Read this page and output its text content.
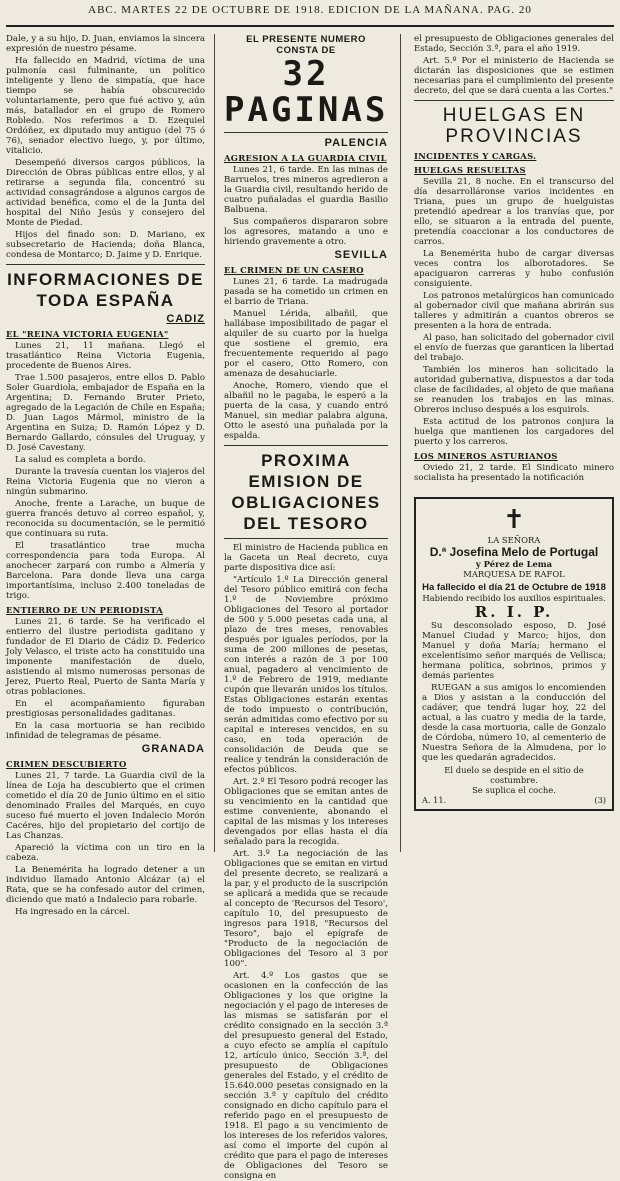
ABC. MARTES 22 DE OCTUBRE DE 1918. EDICION DE LA MAÑANA. PAG. 20

Dale, y a su hijo, D. Juan, enviamos la sincera expresión de nuestro pésame.

Ha fallecido en Madrid, víctima de una pulmonía casi fulminante, un político inteligente y lleno de simpatía, que hace tiempo se había obscurecido voluntariamente, pero que fué activo y, aún más, batallador en el grupo de Romero Robledo. Nos referimos a D. Ezequiel Ordóñez, ex diputado muy antiguo (del 75 ó 76), senador electivo luego, y, por último, vitalicio.

Desempeñó diversos cargos públicos, la Dirección de Obras públicas entre ellos, y al retirarse a segunda fila, concentró su actividad consagrándose a algunos cargos de actividad benéfica, como el de la Junta del hospital del Niño Jesús y consejero del Monte de Piedad.

Hijos del finado son: D. Mariano, ex subsecretario de Hacienda; doña Blanca, condesa de Montarco; D. Jaime y D. Enrique.

INFORMACIONES DE TODA ESPAÑA
CADIZ
EL "REINA VICTORIA EUGENIA"

Lunes 21, 11 mañana. Llegó el trasatlántico Reina Victoria Eugenia, procedente de Buenos Aires.

Trae 1.500 pasajeros, entre ellos D. Pablo Soler Guardiola, embajador de España en la Argentina; D. Fernando Bruter Prieto, agregado de la Legación de Chile en España; D. Juan Lagos Mármol, ministro de la Argentina en Suiza; D. Ramón López y D. Bernardo Gallardo, cónsules del Uruguay, y D. José Cavestany.

La salud es completa a bordo.

Durante la travesía cuentan los viajeros del Reina Victoria Eugenia que no vieron a ningún submarino.

Anoche, frente a Larache, un buque de guerra francés detuvo al correo español, y, reconocida su documentación, se le permitió que continuara su ruta.

El trasatlántico trae mucha correspondencia para toda Europa. Al anochecer zarpará con rumbo a Almería y Barcelona. Para donde lleva una carga importantísima, incluso 2.400 toneladas de trigo.

ENTIERRO DE UN PERIODISTA

Lunes 21, 6 tarde. Se ha verificado el entierro del ilustre periodista gaditano y fundador de El Diario de Cádiz D. Federico Joly Velasco, el triste acto ha constituido una imponente manifestación de duelo, asistiendo al mismo numerosas personas de Jerez, Puerto Real, Puerto de Santa María y otras poblaciones.

En el acompañamiento figuraban prestigiosas personalidades gaditanas.

En la casa mortuoria se han recibido infinidad de telegramas de pésame.

GRANADA
CRIMEN DESCUBIERTO

Lunes 21, 7 tarde. La Guardia civil de la línea de Loja ha descubierto que el crimen cometido el día 20 de Junio último en el sitio denominado Frailes del Marqués, en cuyo suceso fué muerto el joven Indalecio Morón Cacéres, hijo del propietario del cortijo de Las Chanzas.

Apareció la víctima con un tiro en la cabeza.

La Benemérita ha logrado detener a un individuo llamado Antonio Alcázar (a) el Rata, que se ha confesado autor del crimen, diciendo que mató a Indalecio para robarle.

Ha ingresado en la cárcel.

EL PRESENTE NUMERO CONSTA DE
32 PAGINAS
PALENCIA
AGRESION A LA GUARDIA CIVIL

Lunes 21, 6 tarde. En las minas de Barruelos, tres mineros agredieron a la Guardia civil, resultando herido de cuatro puñaladas el guardia Basilio Balbuena.

Sus compañeros dispararon sobre los agresores, matando a uno e hiriendo gravemente a otro.

SEVILLA
EL CRIMEN DE UN CASERO

Lunes 21, 6 tarde. La madrugada pasada se ha cometido un crimen en el barrio de Triana.

Manuel Lérida, albañil, que hallábase imposibilitado de pagar el alquiler de su cuarto por la huelga que sostiene el gremio, era frecuentemente requerido al pago por el casero, Otto Romero, con amenaza de desahuciarle.

Anoche, Romero, viendo que el albañil no le pagaba, le esperó a la puerta de la casa, y cuando entró Manuel, sin mediar palabra alguna, Otto le asestó una puñalada por la espalda.

PROXIMA EMISION DE OBLIGACIONES DEL TESORO

El ministro de Hacienda publica en la Gaceta un Real decreto, cuya parte dispositiva dice así:

"Artículo 1.º La Dirección general del Tesoro público emitirá con fecha 1.º de Noviembre próximo Obligaciones del Tesoro al portador de 500 y 5.000 pesetas cada una, al plazo de tres meses, renovables después por iguales períodos, por la suma de 200 millones de pesetas, con interés a razón de 3 por 100 anual, pagadero al vencimiento de 1.º de Febrero de 1919, mediante cupón que llevarán unidos los títulos. Estas Obligaciones estarán exentas de todo impuesto o contribución, serán admitidas como efectivo por su capital e intereses vencidos, en su caso, en toda operación de consolidación de Deuda que se realice y tendrán la consideración de efectos públicos.

Art. 2.º El Tesoro podrá recoger las Obligaciones que se emitan antes de su vencimiento en la cantidad que estime conveniente, abonando el capital de las mismas y los intereses devengados por ellas hasta el día señalado para la recogida.

Art. 3.º La negociación de las Obligaciones que se emitan en virtud del presente decreto, se realizará a la par, y el producto de la suscripción se aplicará a medida que se recaude al concepto de 'Recursos del Tesoro', capítulo 10, del presupuesto de ingresos para 1918, "Recursos del Tesoro", bajo el epígrafe de "Producto de la negociación de Obligaciones del Tesoro al 3 por 100".

Art. 4.º Los gastos que se ocasionen en la confección de las Obligaciones y los que origine la negociación y el pago de intereses de las mismas se satisfarán por el crédito consignado en la sección 3.ª del presupuesto general del Estado, a cuyo efecto se amplía el capítulo 12, artículo único, Sección 3.ª, del presupuesto de Obligaciones generales del Estado, y el crédito de 15.640.000 pesetas consignado en la sección 3.ª y capítulo del crédito consignado en dicho capítulo para el referido pago en el presupuesto de 1918. El pago a su vencimiento de los intereses de los referidos valores, así como el importe del cupón al crédito que para el pago de intereses de Obligaciones del Tesoro se consigna en

el presupuesto de Obligaciones generales del Estado, Sección 3.ª, para el año 1919.

Art. 5.º Por el ministerio de Hacienda se dictarán las disposiciones que se estimen necesarias para el cumplimiento del presente decreto, del que se dará cuenta a las Cortes."

HUELGAS EN PROVINCIAS
INCIDENTES Y CARGAS.
HUELGAS RESUELTAS

Sevilla 21, 8 noche. En el transcurso del día desarrolláronse varios incidentes en Triana, pues un grupo de huelguistas pretendió apedrear a los tranvías que, por ello, se situaron a la entrada del puente, pretendía coaccionar a los conductores de carros.

La Benemérita hubo de cargar diversas veces contra los alborotadores. Se apaciguaron carreras y hubo confusión consiguiente.

Los patronos metalúrgicos han comunicado al gobernador civil que mañana abrirán sus talleres y admitirán a cuantos obreros se presenten a la hora de entrada.

Al paso, han solicitado del gobernador civil el envío de fuerzas que garanticen la libertad del trabajo.

También los mineros han solicitado la autoridad gubernativa, dispuestos a dar toda clase de facilidades, al objeto de que mañana se reanuden los trabajos en las minas. Obreros incluso después a los esquirols.

Esta actitud de los patronos conjura la huelga que mantienen los cargadores del puerto y los carreros.

LOS MINEROS ASTURIANOS

Oviedo 21, 2 tarde. El Sindicato minero socialista ha presentado la notificación

✝
LA SEÑORA
D.ª Josefina Melo de Portugal
y Pérez de Lema
MARQUESA DE RAFOL
Ha fallecido el día 21 de Octubre de 1918
Habiendo recibido los auxilios espirituales.
R. I. P.

Su desconsolado esposo, D. José Manuel Ciudad y Marco; hijos, don Manuel y doña María; hermano el excelentísimo señor marqués de Vellisca; hermana política, sobrinos, primos y demás parientes

RUEGAN a sus amigos lo encomienden a Dios y asistan a la conducción del cadáver, que tendrá lugar hoy, 22 del actual, a las cuatro y media de la tarde, desde la casa mortuoria, calle de Gonzalo de Córdoba, número 10, al cementerio de Nuestra Señora de la Almudena, por lo que les quedarán agradecidos.

El duelo se despide en el sitio de costumbre.
Se suplica el coche.
A. 11.	(3)
